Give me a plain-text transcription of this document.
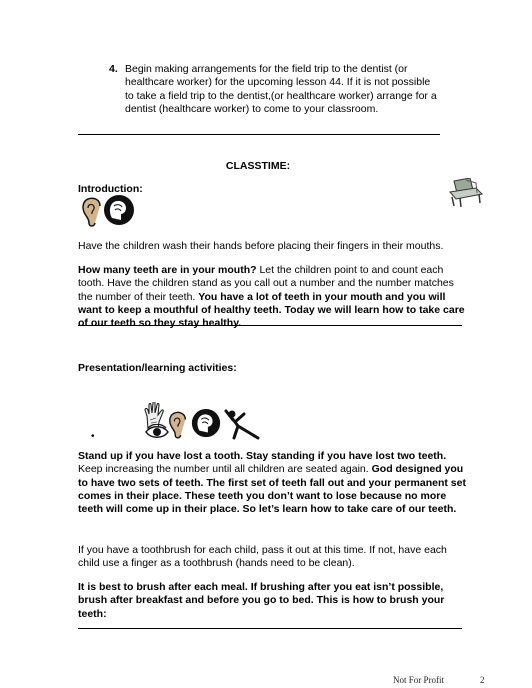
4. Begin making arrangements for the field trip to the dentist (or
healthcare worker) for the upcoming lesson 44. If it is not possible
to take a field trip to the dentist,(or healthcare worker) arrange for a
dentist (healthcare worker) to come to your classroom.
CLASSTIME:
Introduction:
Have the children wash their hands before placing their fingers in their mouths.
How many teeth are in your mouth? Let the children point to and count each tooth. Have the children stand as you call out a number and the number matches the number of their teeth. You have a lot of teeth in your mouth and you will want to keep a mouthful of healthy teeth. Today we will learn how to take care of our teeth so they stay healthy.
Presentation/learning activities:
•
Stand up if you have lost a tooth. Stay standing if you have lost two teeth. Keep increasing the number until all children are seated again. God designed you to have two sets of teeth. The first set of teeth fall out and your permanent set comes in their place. These teeth you don’t want to lose because no more teeth will come up in their place. So let’s learn how to take care of our teeth.
If you have a toothbrush for each child, pass it out at this time. If not, have each child use a finger as a toothbrush (hands need to be clean).
It is best to brush after each meal. If brushing after you eat isn’t possible, brush after breakfast and before you go to bed. This is how to brush your teeth:
Not For Profit	2
